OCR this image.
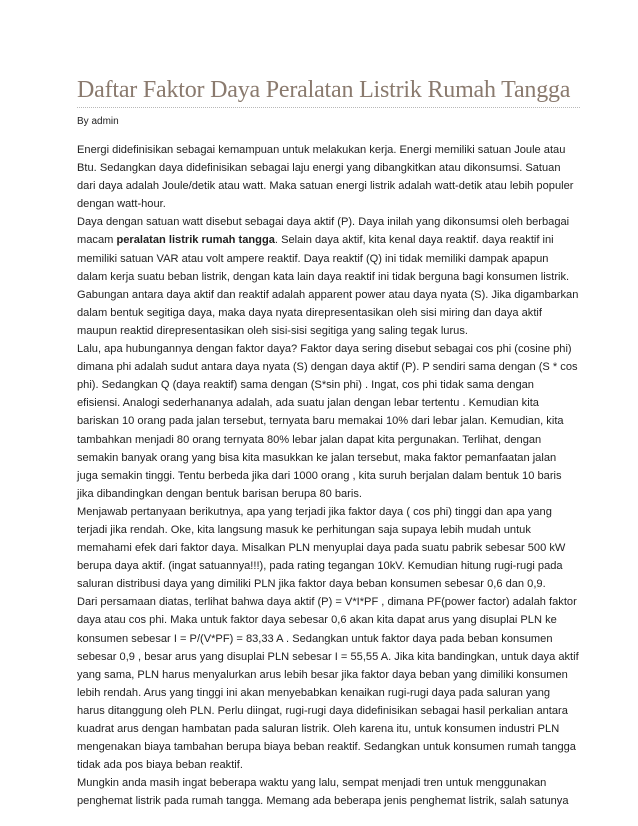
Daftar Faktor Daya Peralatan Listrik Rumah Tangga
By admin

Energi didefinisikan sebagai kemampuan untuk melakukan kerja. Energi memiliki satuan Joule atau Btu. Sedangkan daya didefinisikan sebagai laju energi yang dibangkitkan atau dikonsumsi. Satuan dari daya adalah Joule/detik atau watt. Maka satuan energi listrik adalah watt-detik atau lebih populer dengan watt-hour.

Daya dengan satuan watt disebut sebagai daya aktif (P). Daya inilah yang dikonsumsi oleh berbagai macam peralatan listrik rumah tangga. Selain daya aktif, kita kenal daya reaktif. daya reaktif ini memiliki satuan VAR atau volt ampere reaktif. Daya reaktif (Q) ini tidak memiliki dampak apapun dalam kerja suatu beban listrik, dengan kata lain daya reaktif ini tidak berguna bagi konsumen listrik. Gabungan antara daya aktif dan reaktif adalah apparent power atau daya nyata (S). Jika digambarkan dalam bentuk segitiga daya, maka daya nyata direpresentasikan oleh sisi miring dan daya aktif maupun reaktid direpresentasikan oleh sisi-sisi segitiga yang saling tegak lurus.

Lalu, apa hubungannya dengan faktor daya? Faktor daya sering disebut sebagai cos phi (cosine phi) dimana phi adalah sudut antara daya nyata (S) dengan daya aktif (P). P sendiri sama dengan (S * cos phi). Sedangkan Q (daya reaktif) sama dengan (S*sin phi) . Ingat, cos phi tidak sama dengan efisiensi. Analogi sederhananya adalah, ada suatu jalan dengan lebar tertentu . Kemudian kita bariskan 10 orang pada jalan tersebut, ternyata baru memakai 10% dari lebar jalan. Kemudian, kita tambahkan menjadi 80 orang ternyata 80% lebar jalan dapat kita pergunakan. Terlihat, dengan semakin banyak orang yang bisa kita masukkan ke jalan tersebut, maka faktor pemanfaatan jalan juga semakin tinggi. Tentu berbeda jika dari 1000 orang , kita suruh berjalan dalam bentuk 10 baris jika dibandingkan dengan bentuk barisan berupa 80 baris.

Menjawab pertanyaan berikutnya, apa yang terjadi jika faktor daya ( cos phi) tinggi dan apa yang terjadi jika rendah. Oke, kita langsung masuk ke perhitungan saja supaya lebih mudah untuk memahami efek dari faktor daya. Misalkan PLN menyuplai daya pada suatu pabrik sebesar 500 kW berupa daya aktif. (ingat satuannya!!!), pada rating tegangan 10kV. Kemudian hitung rugi-rugi pada saluran distribusi daya yang dimiliki PLN jika faktor daya beban konsumen sebesar 0,6 dan 0,9.

Dari persamaan diatas, terlihat bahwa daya aktif (P) = V*I*PF , dimana PF(power factor) adalah faktor daya atau cos phi. Maka untuk faktor daya sebesar 0,6 akan kita dapat arus yang disuplai PLN ke konsumen sebesar I = P/(V*PF) = 83,33 A . Sedangkan untuk faktor daya pada beban konsumen sebesar 0,9 , besar arus yang disuplai PLN sebesar I = 55,55 A. Jika kita bandingkan, untuk daya aktif yang sama, PLN harus menyalurkan arus lebih besar jika faktor daya beban yang dimiliki konsumen lebih rendah. Arus yang tinggi ini akan menyebabkan kenaikan rugi-rugi daya pada saluran yang harus ditanggung oleh PLN. Perlu diingat, rugi-rugi daya didefinisikan sebagai hasil perkalian antara kuadrat arus dengan hambatan pada saluran listrik. Oleh karena itu, untuk konsumen industri PLN mengenakan biaya tambahan berupa biaya beban reaktif. Sedangkan untuk konsumen rumah tangga tidak ada pos biaya beban reaktif.

Mungkin anda masih ingat beberapa waktu yang lalu, sempat menjadi tren untuk menggunakan penghemat listrik pada rumah tangga. Memang ada beberapa jenis penghemat listrik, salah satunya
